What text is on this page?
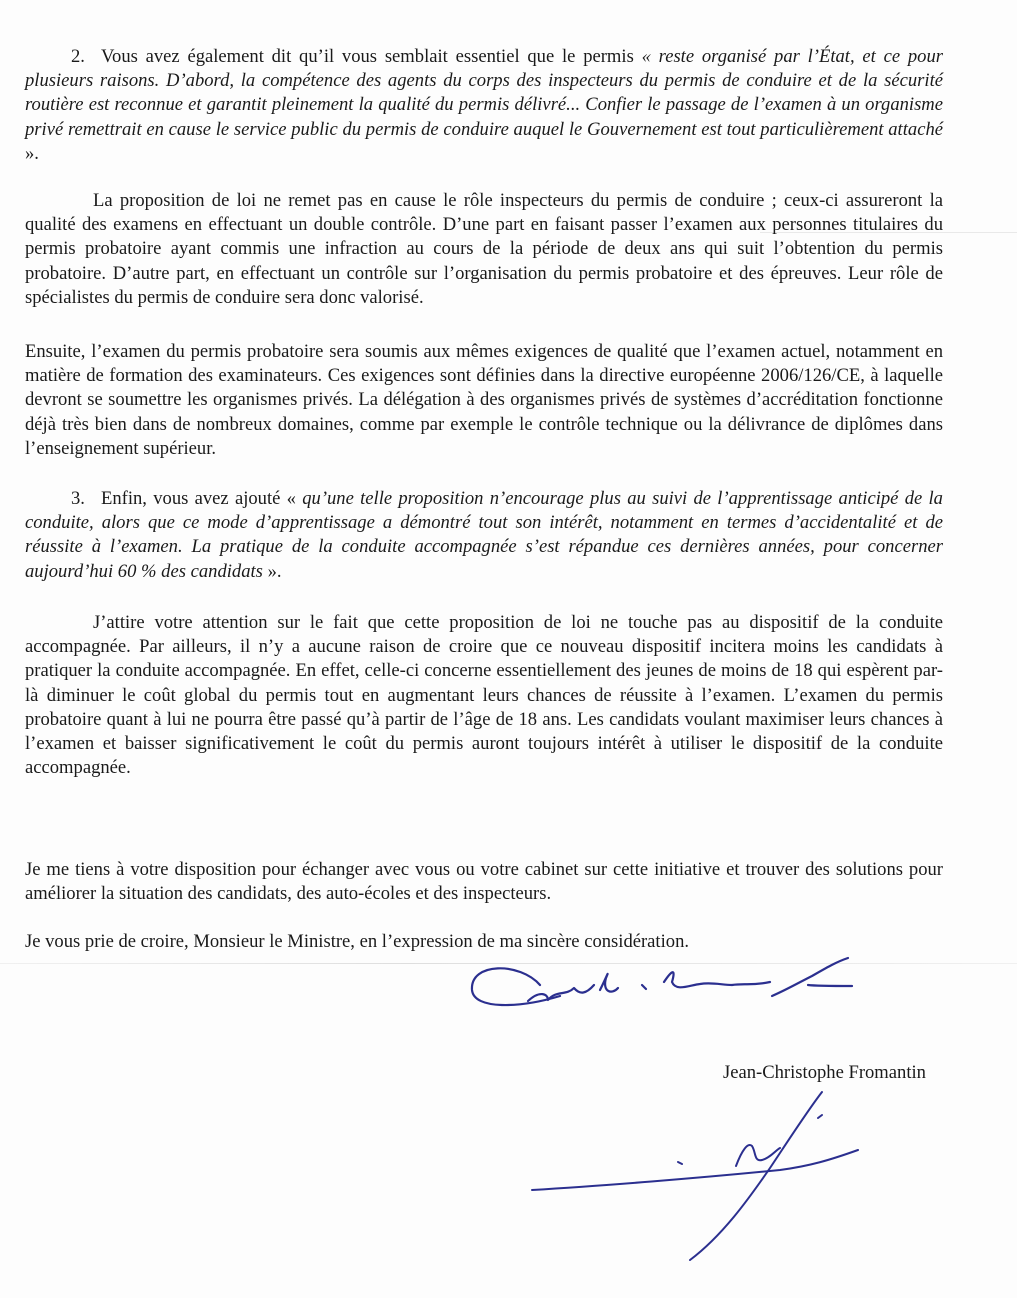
2. Vous avez également dit qu’il vous semblait essentiel que le permis « reste organisé par l’État, et ce pour plusieurs raisons. D’abord, la compétence des agents du corps des inspecteurs du permis de conduire et de la sécurité routière est reconnue et garantit pleinement la qualité du permis délivré... Confier le passage de l’examen à un organisme privé remettrait en cause le service public du permis de conduire auquel le Gouvernement est tout particulièrement attaché ».

La proposition de loi ne remet pas en cause le rôle inspecteurs du permis de conduire ; ceux-ci assureront la qualité des examens en effectuant un double contrôle. D’une part en faisant passer l’examen aux personnes titulaires du permis probatoire ayant commis une infraction au cours de la période de deux ans qui suit l’obtention du permis probatoire. D’autre part, en effectuant un contrôle sur l’organisation du permis probatoire et des épreuves. Leur rôle de spécialistes du permis de conduire sera donc valorisé.

Ensuite, l’examen du permis probatoire sera soumis aux mêmes exigences de qualité que l’examen actuel, notamment en matière de formation des examinateurs. Ces exigences sont définies dans la directive européenne 2006/126/CE, à laquelle devront se soumettre les organismes privés. La délégation à des organismes privés de systèmes d’accréditation fonctionne déjà très bien dans de nombreux domaines, comme par exemple le contrôle technique ou la délivrance de diplômes dans l’enseignement supérieur.

3. Enfin, vous avez ajouté « qu’une telle proposition n’encourage plus au suivi de l’apprentissage anticipé de la conduite, alors que ce mode d’apprentissage a démontré tout son intérêt, notamment en termes d’accidentalité et de réussite à l’examen. La pratique de la conduite accompagnée s’est répandue ces dernières années, pour concerner aujourd’hui 60 % des candidats ».

J’attire votre attention sur le fait que cette proposition de loi ne touche pas au dispositif de la conduite accompagnée. Par ailleurs, il n’y a aucune raison de croire que ce nouveau dispositif incitera moins les candidats à pratiquer la conduite accompagnée. En effet, celle-ci concerne essentiellement des jeunes de moins de 18 qui espèrent par-là diminuer le coût global du permis tout en augmentant leurs chances de réussite à l’examen. L’examen du permis probatoire quant à lui ne pourra être passé qu’à partir de l’âge de 18 ans. Les candidats voulant maximiser leurs chances à l’examen et baisser significativement le coût du permis auront toujours intérêt à utiliser le dispositif de la conduite accompagnée.

Je me tiens à votre disposition pour échanger avec vous ou votre cabinet sur cette initiative et trouver des solutions pour améliorer la situation des candidats, des auto-écoles et des inspecteurs.

Je vous prie de croire, Monsieur le Ministre, en l’expression de ma sincère considération.

Jean-Christophe Fromantin
